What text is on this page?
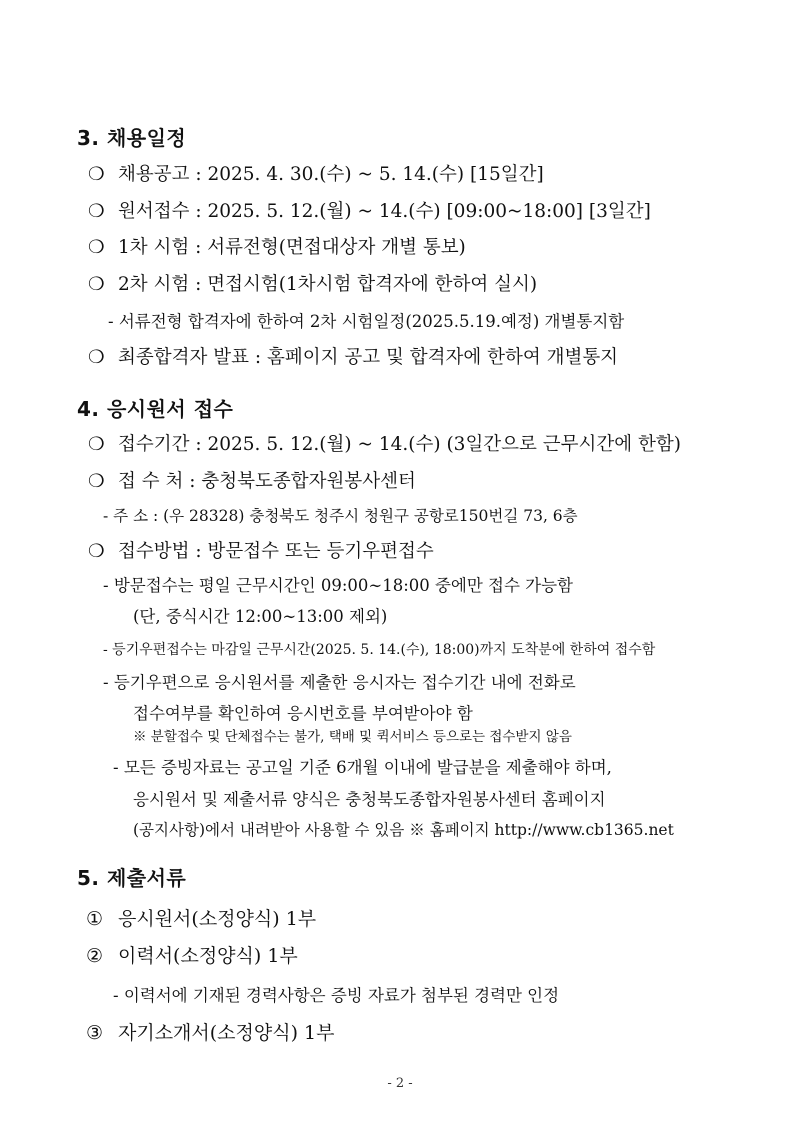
3. 채용일정
❍ 채용공고 : 2025. 4. 30.(수) ~ 5. 14.(수) [15일간]
❍ 원서접수 : 2025. 5. 12.(월) ~ 14.(수) [09:00~18:00] [3일간]
❍ 1차 시험 : 서류전형(면접대상자 개별 통보)
❍ 2차 시험 : 면접시험(1차시험 합격자에 한하여 실시)
- 서류전형 합격자에 한하여 2차 시험일정(2025.5.19.예정) 개별통지함
❍ 최종합격자 발표 : 홈페이지 공고 및 합격자에 한하여 개별통지
4. 응시원서 접수
❍ 접수기간 : 2025. 5. 12.(월) ~ 14.(수) (3일간으로 근무시간에 한함)
❍ 접 수 처 : 충청북도종합자원봉사센터
- 주 소 : (우 28328) 충청북도 청주시 청원구 공항로150번길 73, 6층
❍ 접수방법 : 방문접수 또는 등기우편접수
- 방문접수는 평일 근무시간인 09:00∼18:00 중에만 접수 가능함
(단, 중식시간 12:00∼13:00 제외)
- 등기우편접수는 마감일 근무시간(2025. 5. 14.(수), 18:00)까지 도착분에 한하여 접수함
- 등기우편으로 응시원서를 제출한 응시자는 접수기간 내에 전화로
접수여부를 확인하여 응시번호를 부여받아야 함
※ 분할접수 및 단체접수는 불가, 택배 및 퀵서비스 등으로는 접수받지 않음
- 모든 증빙자료는 공고일 기준 6개월 이내에 발급분을 제출해야 하며,
응시원서 및 제출서류 양식은 충청북도종합자원봉사센터 홈페이지
(공지사항)에서 내려받아 사용할 수 있음 ※ 홈페이지 http://www.cb1365.net
5. 제출서류
① 응시원서(소정양식) 1부
② 이력서(소정양식) 1부
- 이력서에 기재된 경력사항은 증빙 자료가 첨부된 경력만 인정
③ 자기소개서(소정양식) 1부
- 2 -
